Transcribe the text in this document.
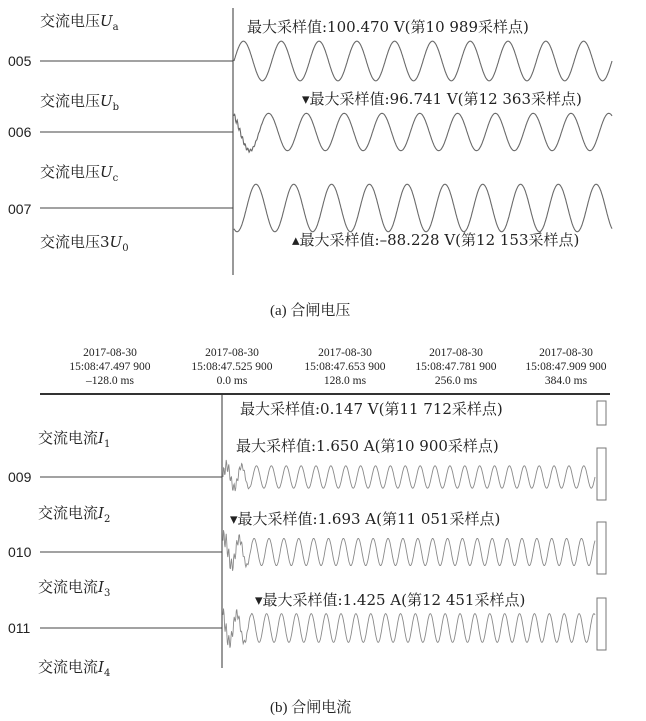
交流电压$U_a$
交流电压$U_b$
交流电压$U_c$
交流电压$3U_0$
005
006
007
最大采样值:100.470 V(第10 989采样点)
▾最大采样值:96.741 V(第12 363采样点)
▴最大采样值:–88.228 V(第12 153采样点)
(a) 合闸电压
2017-08-30
15:08:47.497 900
–128.0 ms
2017-08-30
15:08:47.525 900
0.0 ms
2017-08-30
15:08:47.653 900
128.0 ms
2017-08-30
15:08:47.781 900
256.0 ms
2017-08-30
15:08:47.909 900
384.0 ms
交流电流$I_1$
交流电流$I_2$
交流电流$I_3$
交流电流$I_4$
009
010
011
最大采样值:0.147 V(第11 712采样点)
最大采样值:1.650 A(第10 900采样点)
▾最大采样值:1.693 A(第11 051采样点)
▾最大采样值:1.425 A(第12 451采样点)
(b) 合闸电流
